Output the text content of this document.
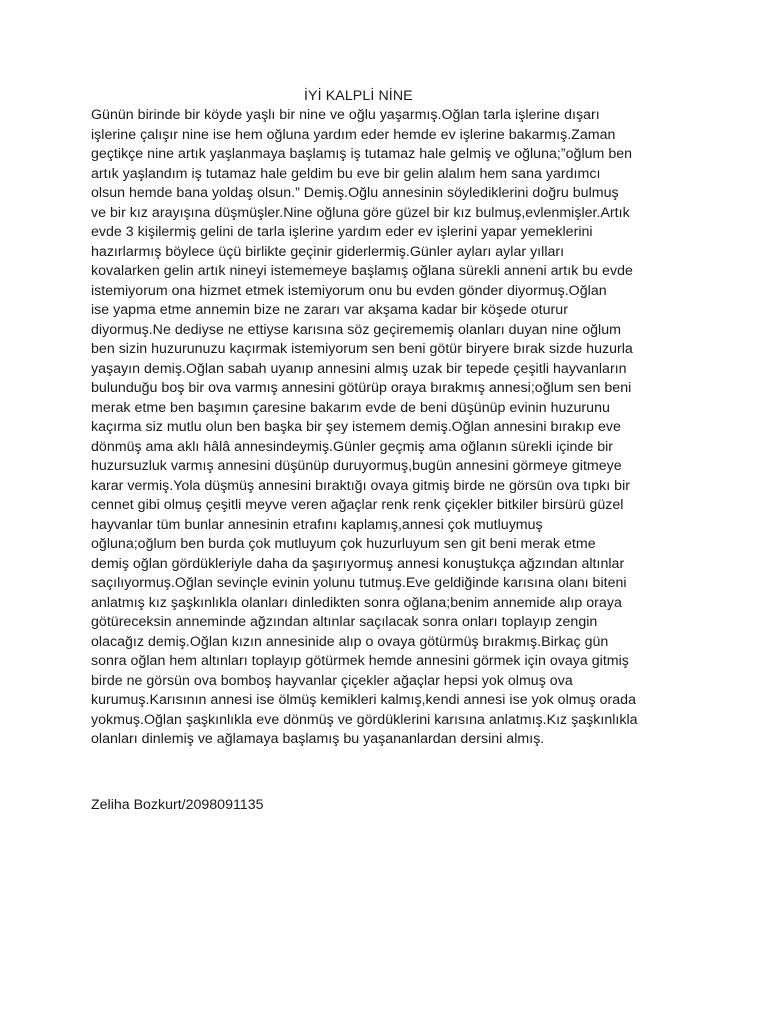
İYİ KALPLİ NİNE
Günün birinde bir köyde yaşlı bir nine ve oğlu yaşarmış.Oğlan tarla işlerine dışarı
işlerine çalışır nine ise hem oğluna yardım eder hemde ev işlerine bakarmış.Zaman
geçtikçe nine artık yaşlanmaya başlamış iş tutamaz hale gelmiş ve oğluna;”oğlum ben
artık yaşlandım iş tutamaz hale geldim bu eve bir gelin alalım hem sana yardımcı
olsun hemde bana yoldaş olsun.” Demiş.Oğlu annesinin söylediklerini doğru bulmuş
ve bir kız arayışına düşmüşler.Nine oğluna göre güzel bir kız bulmuş,evlenmişler.Artık
evde 3 kişilermiş gelini de tarla işlerine yardım eder ev işlerini yapar yemeklerini
hazırlarmış böylece üçü birlikte geçinir giderlermiş.Günler ayları aylar yılları
kovalarken gelin artık nineyi istememeye başlamış oğlana sürekli anneni artık bu evde
istemiyorum ona hizmet etmek istemiyorum onu bu evden gönder diyormuş.Oğlan
ise yapma etme annemin bize ne zararı var akşama kadar bir köşede oturur
diyormuş.Ne dediyse ne ettiyse karısına söz geçirememiş olanları duyan nine oğlum
ben sizin huzurunuzu kaçırmak istemiyorum sen beni götür biryere bırak sizde huzurla
yaşayın demiş.Oğlan sabah uyanıp annesini almış uzak bir tepede çeşitli hayvanların
bulunduğu boş bir ova varmış annesini götürüp oraya bırakmış annesi;oğlum sen beni
merak etme ben başımın çaresine bakarım evde de beni düşünüp evinin huzurunu
kaçırma siz mutlu olun ben başka bir şey istemem demiş.Oğlan annesini bırakıp eve
dönmüş ama aklı hâlâ annesindeymiş.Günler geçmiş ama oğlanın sürekli içinde bir
huzursuzluk varmış annesini düşünüp duruyormuş,bugün annesini görmeye gitmeye
karar vermiş.Yola düşmüş annesini bıraktığı ovaya gitmiş birde ne görsün ova tıpkı bir
cennet gibi olmuş çeşitli meyve veren ağaçlar renk renk çiçekler bitkiler birsürü güzel
hayvanlar tüm bunlar annesinin etrafını kaplamış,annesi çok mutluymuş
oğluna;oğlum ben burda çok mutluyum çok huzurluyum sen git beni merak etme
demiş oğlan gördükleriyle daha da şaşırıyormuş annesi konuştukça ağzından altınlar
saçılıyormuş.Oğlan sevinçle evinin yolunu tutmuş.Eve geldiğinde karısına olanı biteni
anlatmış kız şaşkınlıkla olanları dinledikten sonra oğlana;benim annemide alıp oraya
götüreceksin anneminde ağzından altınlar saçılacak sonra onları toplayıp zengin
olacağız demiş.Oğlan kızın annesinide alıp o ovaya götürmüş bırakmış.Birkaç gün
sonra oğlan hem altınları toplayıp götürmek hemde annesini görmek için ovaya gitmiş
birde ne görsün ova bomboş hayvanlar çiçekler ağaçlar hepsi yok olmuş ova
kurumuş.Karısının annesi ise ölmüş kemikleri kalmış,kendi annesi ise yok olmuş orada
yokmuş.Oğlan şaşkınlıkla eve dönmüş ve gördüklerini karısına anlatmış.Kız şaşkınlıkla
olanları dinlemiş ve ağlamaya başlamış bu yaşananlardan dersini almış.
Zeliha Bozkurt/2098091135
